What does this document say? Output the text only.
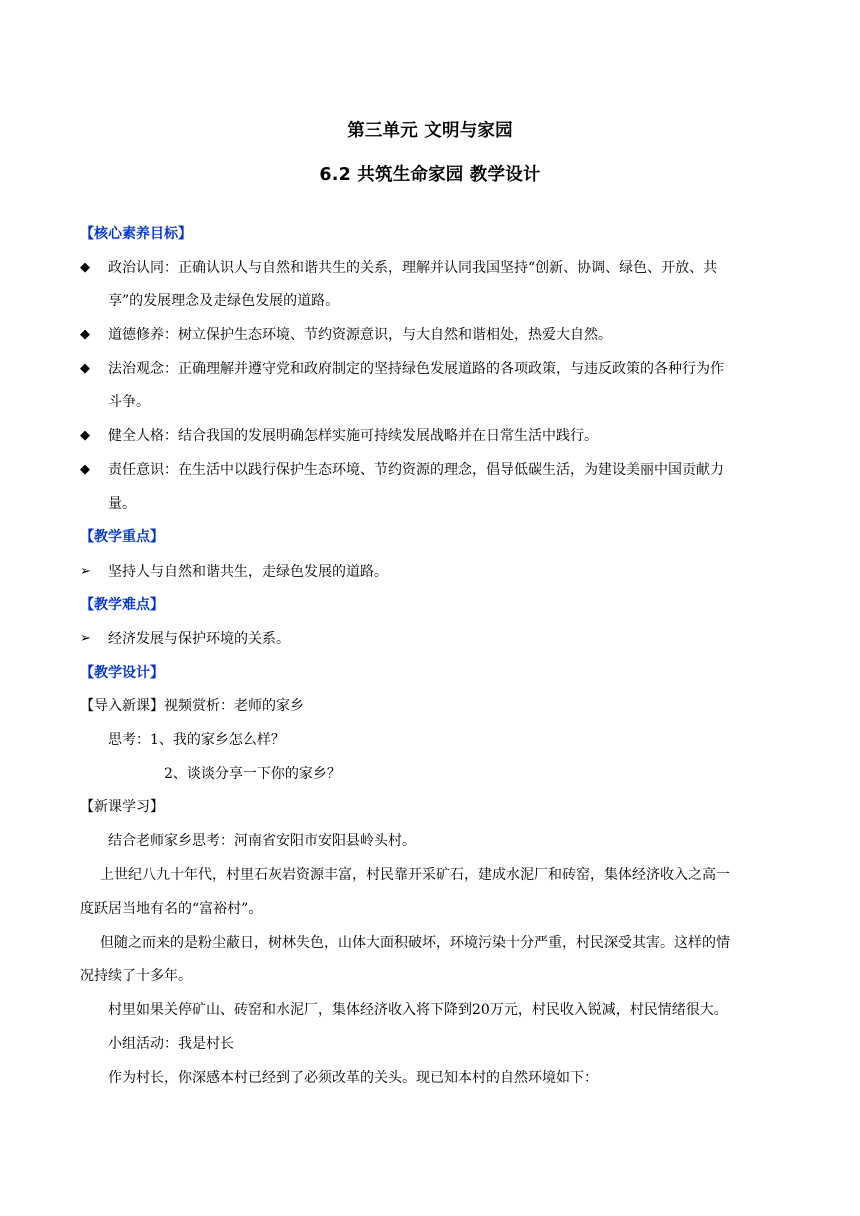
第三单元 文明与家园
6.2 共筑生命家园 教学设计
【核心素养目标】
◆ 政治认同：正确认识人与自然和谐共生的关系，理解并认同我国坚持“创新、协调、绿色、开放、共
享”的发展理念及走绿色发展的道路。
◆ 道德修养：树立保护生态环境、节约资源意识，与大自然和谐相处，热爱大自然。
◆ 法治观念：正确理解并遵守党和政府制定的坚持绿色发展道路的各项政策，与违反政策的各种行为作
斗争。
◆ 健全人格：结合我国的发展明确怎样实施可持续发展战略并在日常生活中践行。
◆ 责任意识：在生活中以践行保护生态环境、节约资源的理念，倡导低碳生活，为建设美丽中国贡献力
量。
【教学重点】
➢ 坚持人与自然和谐共生，走绿色发展的道路。
【教学难点】
➢ 经济发展与保护环境的关系。
【教学设计】
【导入新课】视频赏析：老师的家乡
思考：1、我的家乡怎么样？
2、谈谈分享一下你的家乡？
【新课学习】
结合老师家乡思考：河南省安阳市安阳县岭头村。
上世纪八九十年代，村里石灰岩资源丰富，村民靠开采矿石，建成水泥厂和砖窑，集体经济收入之高一
度跃居当地有名的“富裕村”。
但随之而来的是粉尘蔽日，树林失色，山体大面积破坏，环境污染十分严重，村民深受其害。这样的情
况持续了十多年。
村里如果关停矿山、砖窑和水泥厂，集体经济收入将下降到20万元，村民收入锐减，村民情绪很大。
小组活动：我是村长
作为村长，你深感本村已经到了必须改革的关头。现已知本村的自然环境如下：
